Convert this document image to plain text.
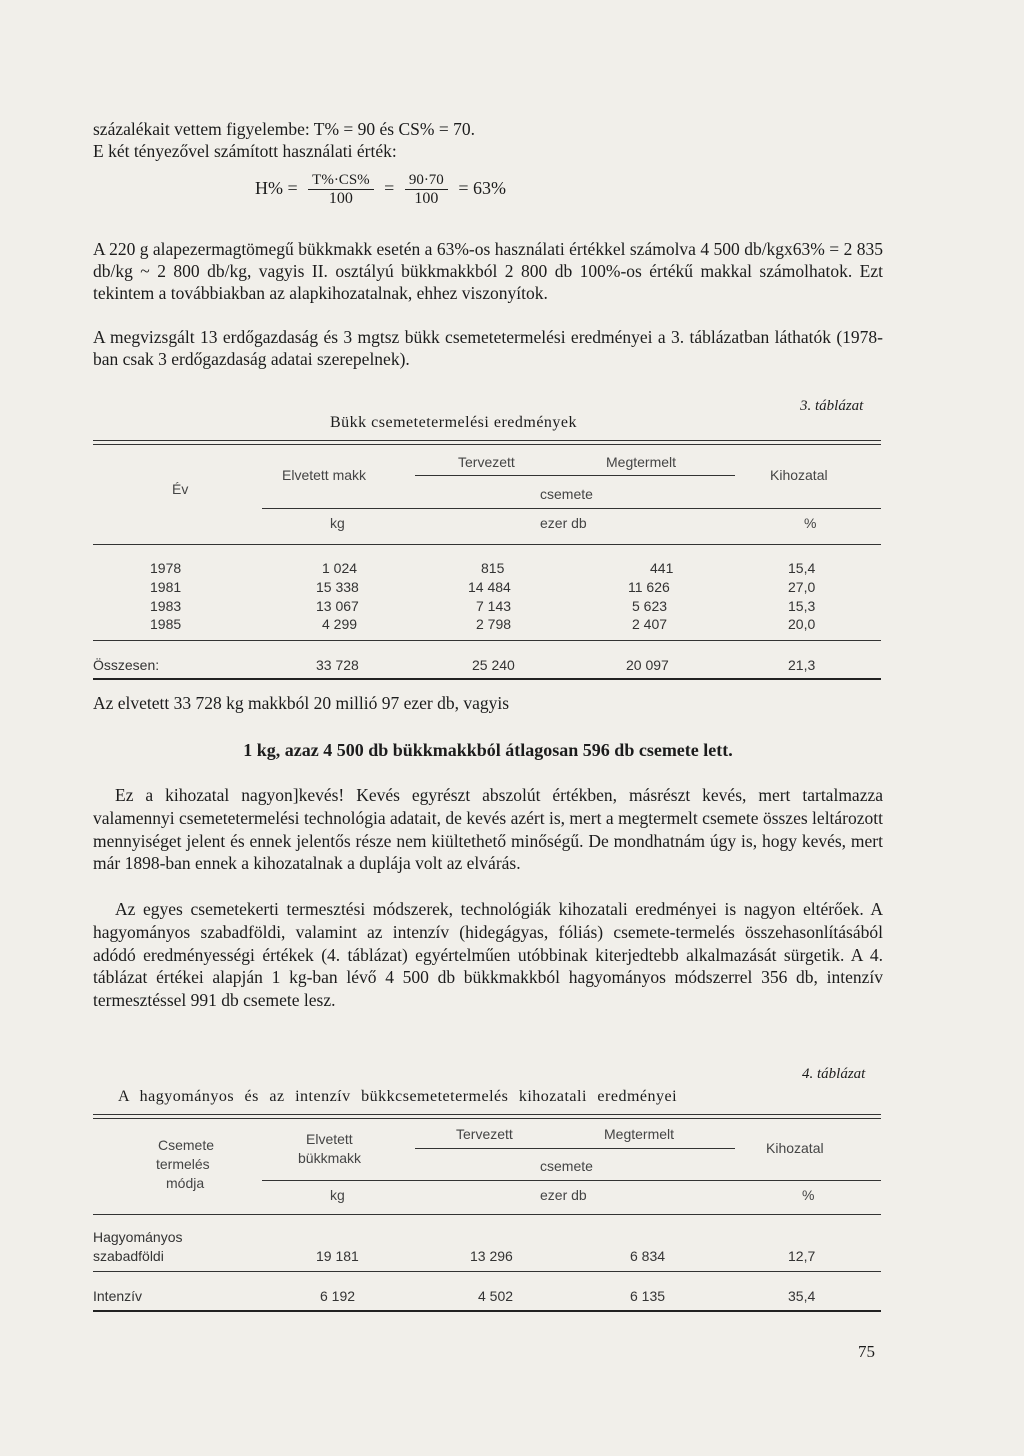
százalékait vettem figyelembe: T% = 90 és CS% = 70.

E két tényezővel számított használati érték:

$H\% = \frac{T\%\cdot CS\%}{100} = \frac{90\cdot 70}{100} = 63\%$

A 220 g alapezermagtömegű bükkmakk esetén a 63%-os használati értékkel számolva 4 500 db/kgx63% = 2 835 db/kg ~ 2 800 db/kg, vagyis II. osztályú bükkmakkból 2 800 db 100%-os értékű makkal számolhatok. Ezt tekintem a továbbiakban az alapkihozatalnak, ehhez viszonyítok.

A megvizsgált 13 erdőgazdaság és 3 mgtsz bükk csemetetermelési eredményei a 3. táblázatban láthatók (1978-ban csak 3 erdőgazdaság adatai szerepelnek).

3. táblázat
Bükk csemetetermelési eredmények
Év
Elvetett makk
Tervezett	Megtermelt
csemete
Kihozatal
kg	ezer db	%
1978	1 024	815	441	15,4
1981	15 338	14 484	11 626	27,0
1983	13 067	7 143	5 623	15,3
1985	4 299	2 798	2 407	20,0
Összesen:	33 728	25 240	20 097	21,3

Az elvetett 33 728 kg makkból 20 millió 97 ezer db, vagyis

1 kg, azaz 4 500 db bükkmakkból átlagosan 596 db csemete lett.

Ez a kihozatal nagyon]kevés! Kevés egyrészt abszolút értékben, másrészt kevés, mert tartalmazza valamennyi csemetetermelési technológia adatait, de kevés azért is, mert a megtermelt csemete összes leltározott mennyiséget jelent és ennek jelentős része nem kiültethető minőségű. De mondhatnám úgy is, hogy kevés, mert már 1898-ban ennek a kihozatalnak a duplája volt az elvárás.

Az egyes csemetekerti termesztési módszerek, technológiák kihozatali eredményei is nagyon eltérőek. A hagyományos szabadföldi, valamint az intenzív (hidegágyas, fóliás) csemete-termelés összehasonlításából adódó eredményességi értékek (4. táblázat) egyértelműen utóbbinak kiterjedtebb alkalmazását sürgetik. A 4. táblázat értékei alapján 1 kg-ban lévő 4 500 db bükkmakkból hagyományos módszerrel 356 db, intenzív termesztéssel 991 db csemete lesz.

4. táblázat
A hagyományos és az intenzív bükkcsemetetermelés kihozatali eredményei
Csemete
termelés
módja
Elvetett
bükkmakk
Tervezett	Megtermelt
csemete
Kihozatal
kg	ezer db	%
Hagyományos
szabadföldi	19 181	13 296	6 834	12,7
Intenzív	6 192	4 502	6 135	35,4
75
